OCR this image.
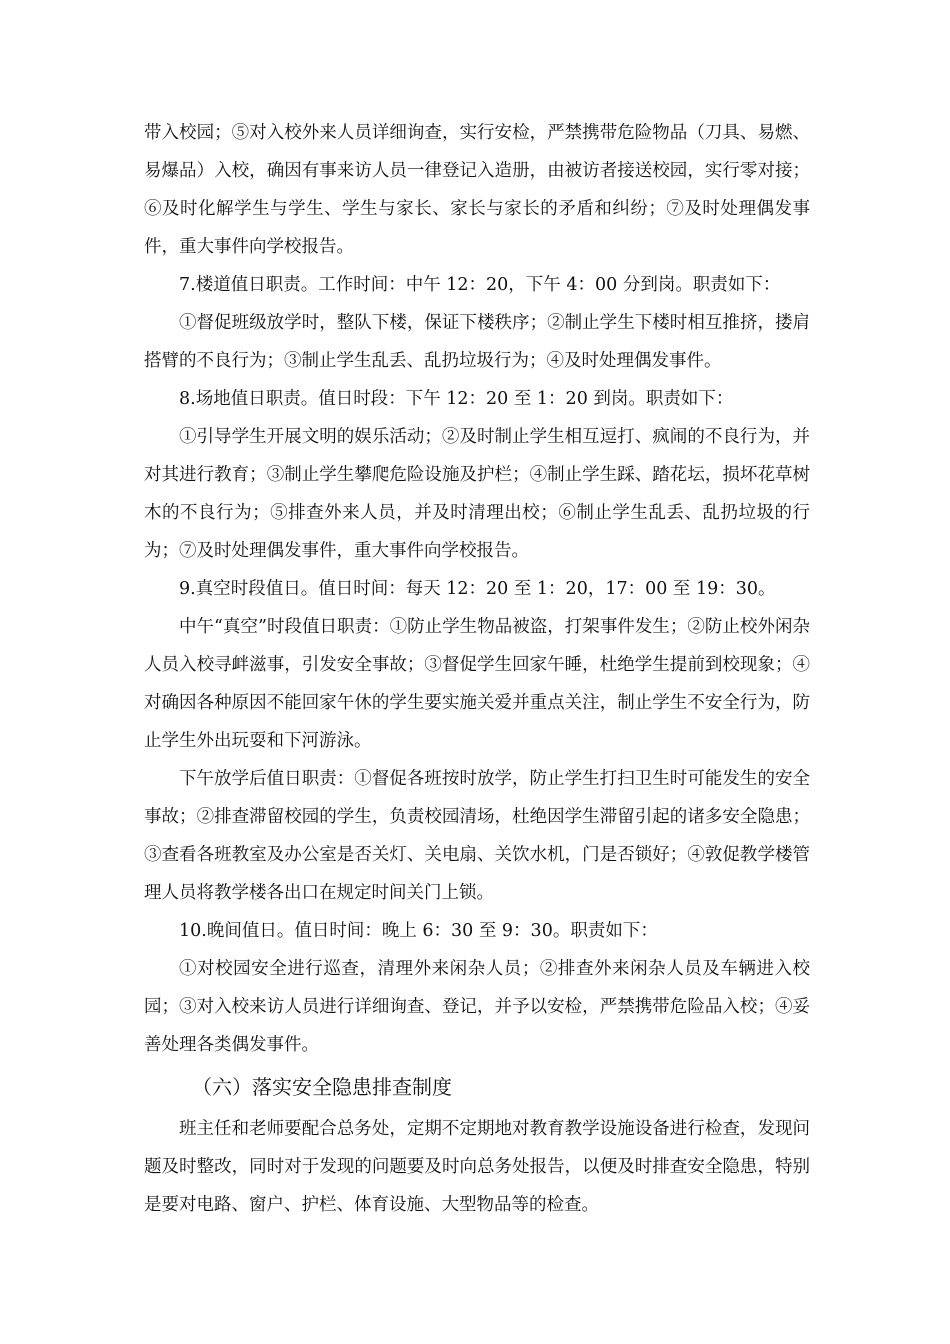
带入校园；⑤对入校外来人员详细询查，实行安检，严禁携带危险物品（刀具、易燃、易爆品）入校，确因有事来访人员一律登记入造册，由被访者接送校园，实行零对接；⑥及时化解学生与学生、学生与家长、家长与家长的矛盾和纠纷；⑦及时处理偶发事件，重大事件向学校报告。

7.楼道值日职责。工作时间：中午 12：20，下午 4：00 分到岗。职责如下：

①督促班级放学时，整队下楼，保证下楼秩序；②制止学生下楼时相互推挤，搂肩搭臂的不良行为；③制止学生乱丢、乱扔垃圾行为；④及时处理偶发事件。

8.场地值日职责。值日时段：下午 12：20 至 1：20 到岗。职责如下：

①引导学生开展文明的娱乐活动；②及时制止学生相互逗打、疯闹的不良行为，并对其进行教育；③制止学生攀爬危险设施及护栏；④制止学生踩、踏花坛，损坏花草树木的不良行为；⑤排查外来人员，并及时清理出校；⑥制止学生乱丢、乱扔垃圾的行为；⑦及时处理偶发事件，重大事件向学校报告。

9.真空时段值日。值日时间：每天 12：20 至 1：20，17：00 至 19：30。

中午“真空”时段值日职责：①防止学生物品被盗，打架事件发生；②防止校外闲杂人员入校寻衅滋事，引发安全事故；③督促学生回家午睡，杜绝学生提前到校现象；④对确因各种原因不能回家午休的学生要实施关爱并重点关注，制止学生不安全行为，防止学生外出玩耍和下河游泳。

下午放学后值日职责：①督促各班按时放学，防止学生打扫卫生时可能发生的安全事故；②排查滞留校园的学生，负责校园清场，杜绝因学生滞留引起的诸多安全隐患；③查看各班教室及办公室是否关灯、关电扇、关饮水机，门是否锁好；④敦促教学楼管理人员将教学楼各出口在规定时间关门上锁。

10.晚间值日。值日时间：晚上 6：30 至 9：30。职责如下：

①对校园安全进行巡查，清理外来闲杂人员；②排查外来闲杂人员及车辆进入校园；③对入校来访人员进行详细询查、登记，并予以安检，严禁携带危险品入校；④妥善处理各类偶发事件。

（六）落实安全隐患排查制度

班主任和老师要配合总务处，定期不定期地对教育教学设施设备进行检查，发现问题及时整改，同时对于发现的问题要及时向总务处报告，以便及时排查安全隐患，特别是要对电路、窗户、护栏、体育设施、大型物品等的检查。
